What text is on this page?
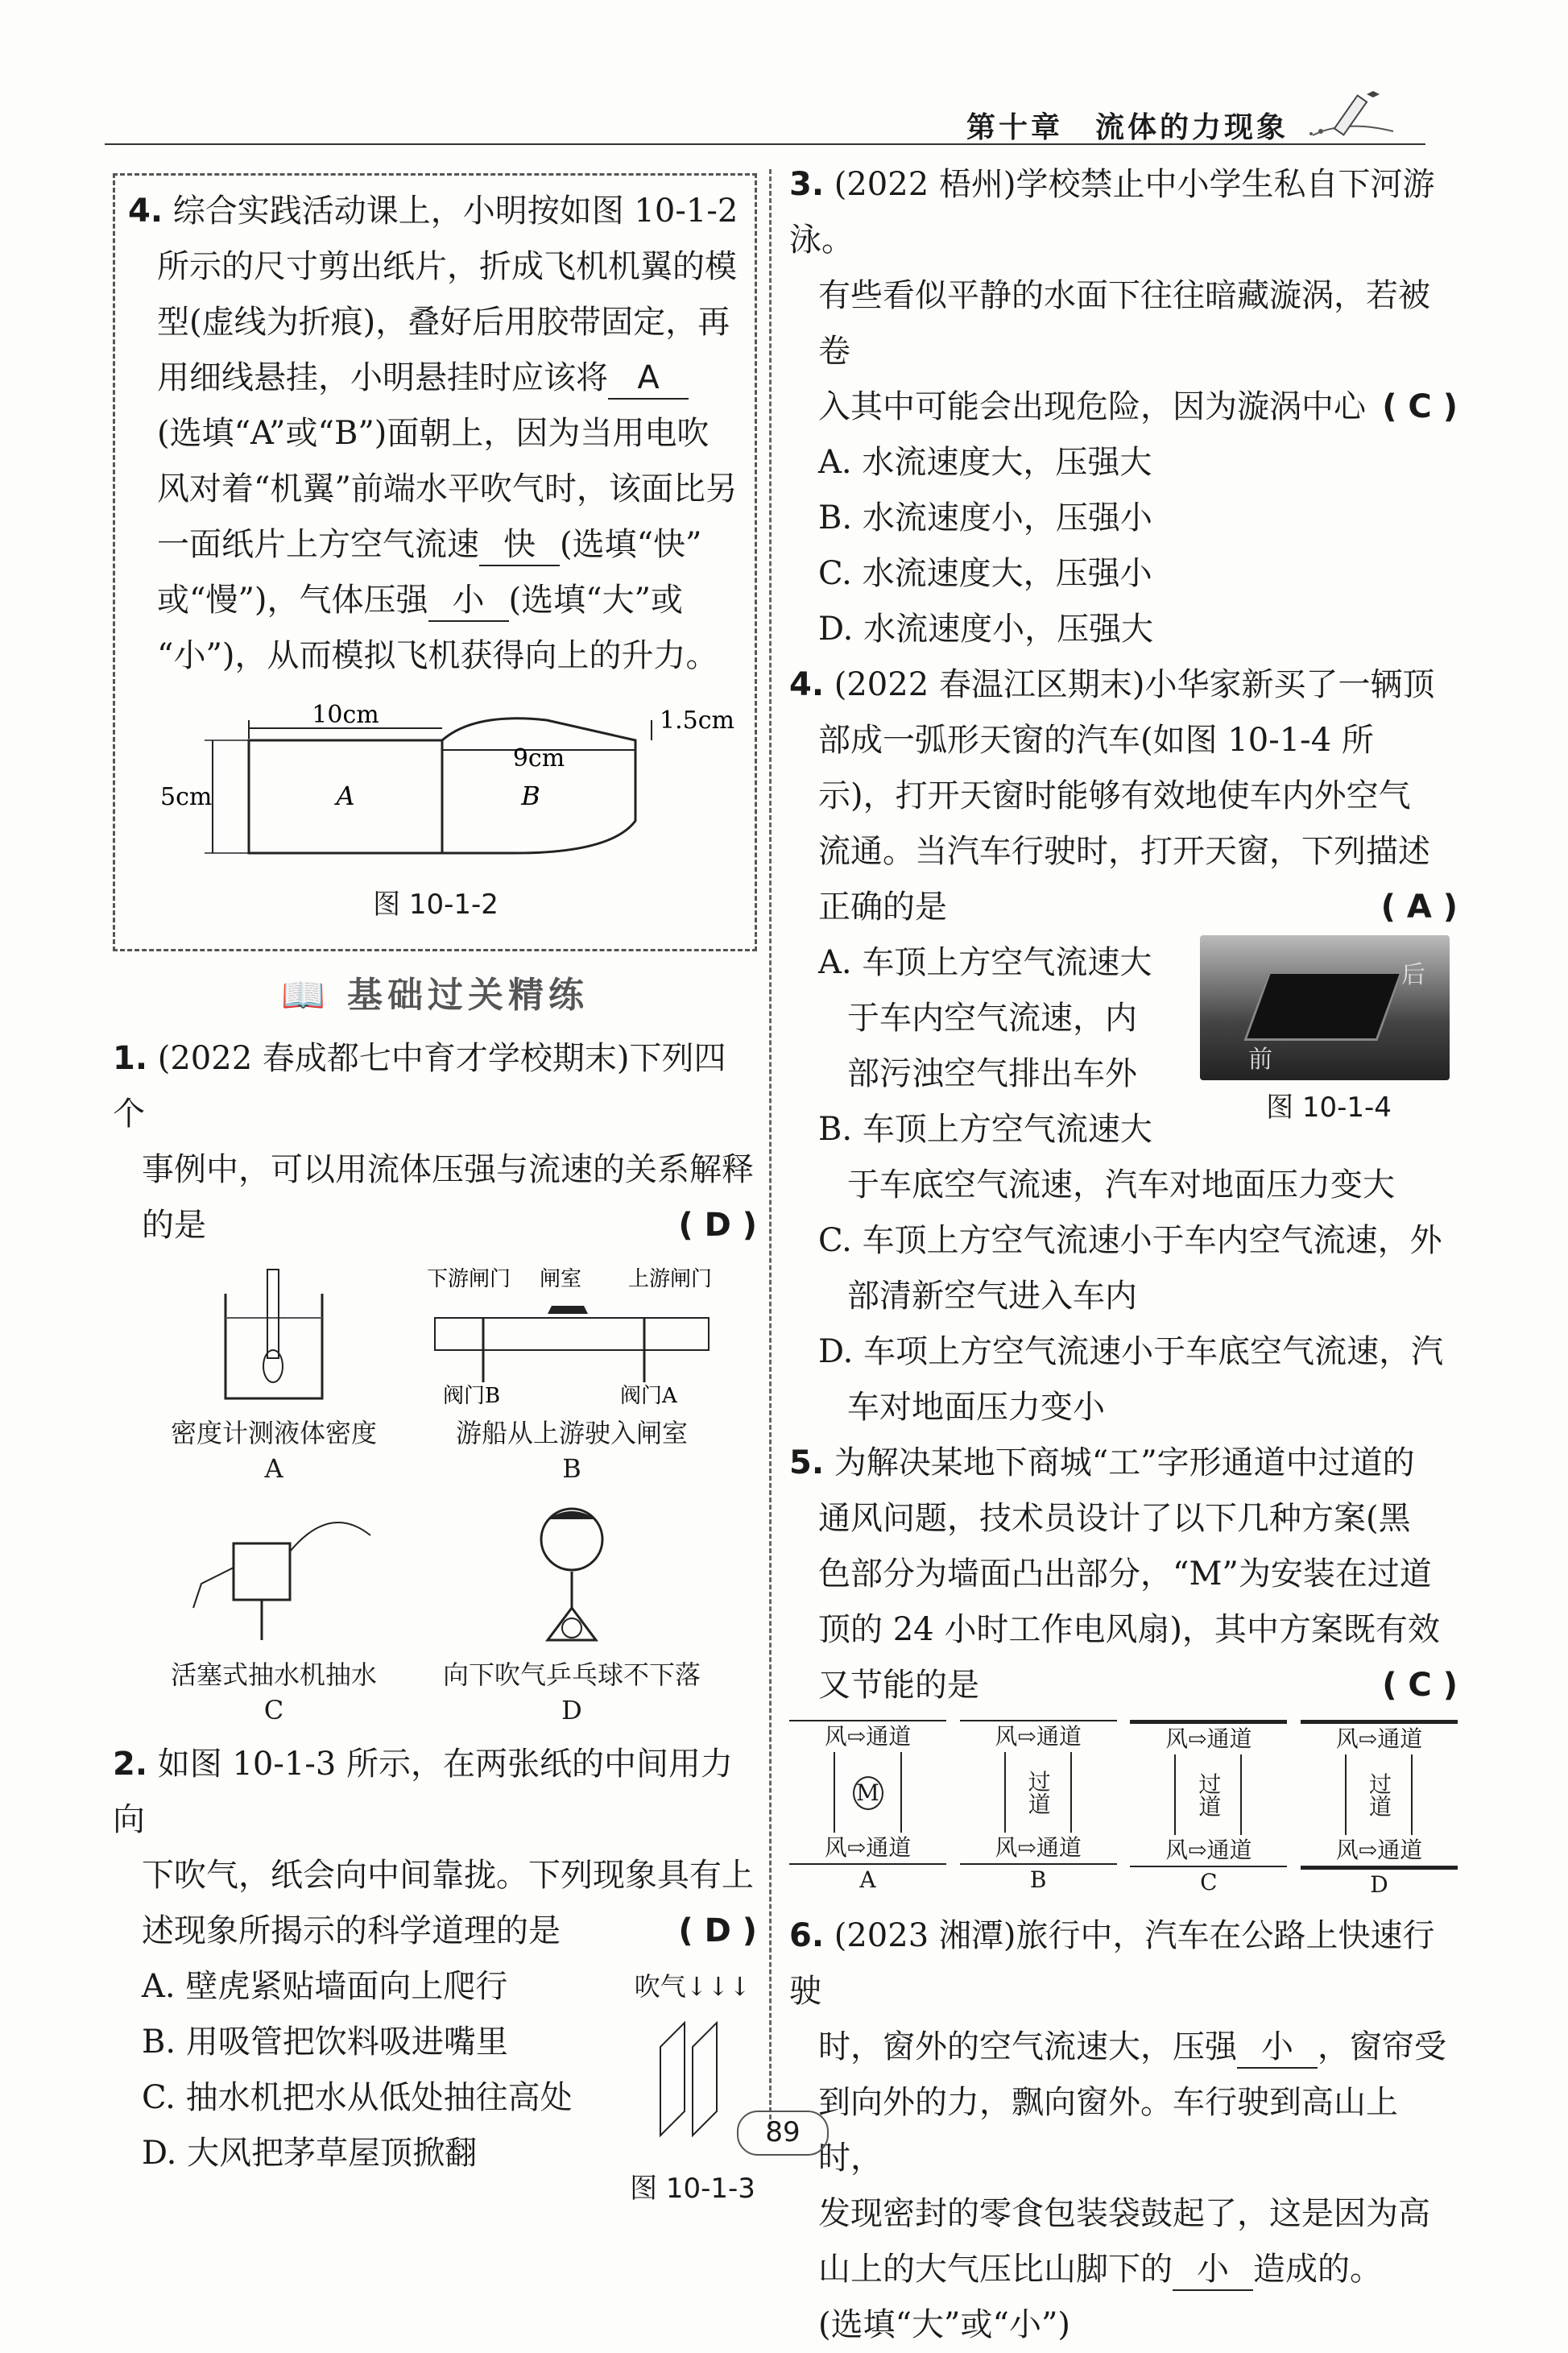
第十章　流体的力现象
4. 综合实践活动课上，小明按如图 10-1-2
所示的尺寸剪出纸片，折成飞机机翼的模
型(虚线为折痕)，叠好后用胶带固定，再
用细线悬挂，小明悬挂时应该将 A
(选填“A”或“B”)面朝上，因为当用电吹
风对着“机翼”前端水平吹气时，该面比另
一面纸片上方空气流速 快 (选填“快”
或“慢”)，气体压强 小 (选填“大”或
“小”)，从而模拟飞机获得向上的升力。
10cm
9cm
1.5cm
5cm	A	B
图 10-1-2
📖 基础过关精练
1. (2022 春成都七中育才学校期末)下列四个
事例中，可以用流体压强与流速的关系解释
的是	( D )
密度计测液体密度
A
下游闸门 闸室 上游闸门
阀门B	阀门A
游船从上游驶入闸室
B
活塞式抽水机抽水
C
向下吹气乒乓球不下落
D
2. 如图 10-1-3 所示，在两张纸的中间用力向
下吹气，纸会向中间靠拢。下列现象具有上
述现象所揭示的科学道理的是	( D )
A. 壁虎紧贴墙面向上爬行
B. 用吸管把饮料吸进嘴里
C. 抽水机把水从低处抽往高处
D. 大风把茅草屋顶掀翻
吹气↓↓↓
图 10-1-3
3. (2022 梧州)学校禁止中小学生私自下河游泳。
有些看似平静的水面下往往暗藏漩涡，若被卷
入其中可能会出现危险，因为漩涡中心 ( C )
A. 水流速度大，压强大
B. 水流速度小，压强小
C. 水流速度大，压强小
D. 水流速度小，压强大
4. (2022 春温江区期末)小华家新买了一辆顶
部成一弧形天窗的汽车(如图 10-1-4 所
示)，打开天窗时能够有效地使车内外空气
流通。当汽车行驶时，打开天窗，下列描述
正确的是	( A )
A. 车顶上方空气流速大
于车内空气流速，内
部污浊空气排出车外
B. 车顶上方空气流速大
前
后
图 10-1-4
于车底空气流速，汽车对地面压力变大
C. 车顶上方空气流速小于车内空气流速，外
部清新空气进入车内
D. 车项上方空气流速小于车底空气流速，汽
车对地面压力变小
5. 为解决某地下商城“工”字形通道中过道的
通风问题，技术员设计了以下几种方案(黑
色部分为墙面凸出部分，“M”为安装在过道
顶的 24 小时工作电风扇)，其中方案既有效
又节能的是	( C )
风⇨通道
M
风⇨通道
A
风⇨通道
过道
风⇨通道
B
风⇨通道
过道
风⇨通道
C
风⇨通道
过道
风⇨通道
D
6. (2023 湘潭)旅行中，汽车在公路上快速行驶
时，窗外的空气流速大，压强 小 ，窗帘受
到向外的力，飘向窗外。车行驶到高山上时，
发现密封的零食包装袋鼓起了，这是因为高
山上的大气压比山脚下的 小 造成的。
(选填“大”或“小”)
89
